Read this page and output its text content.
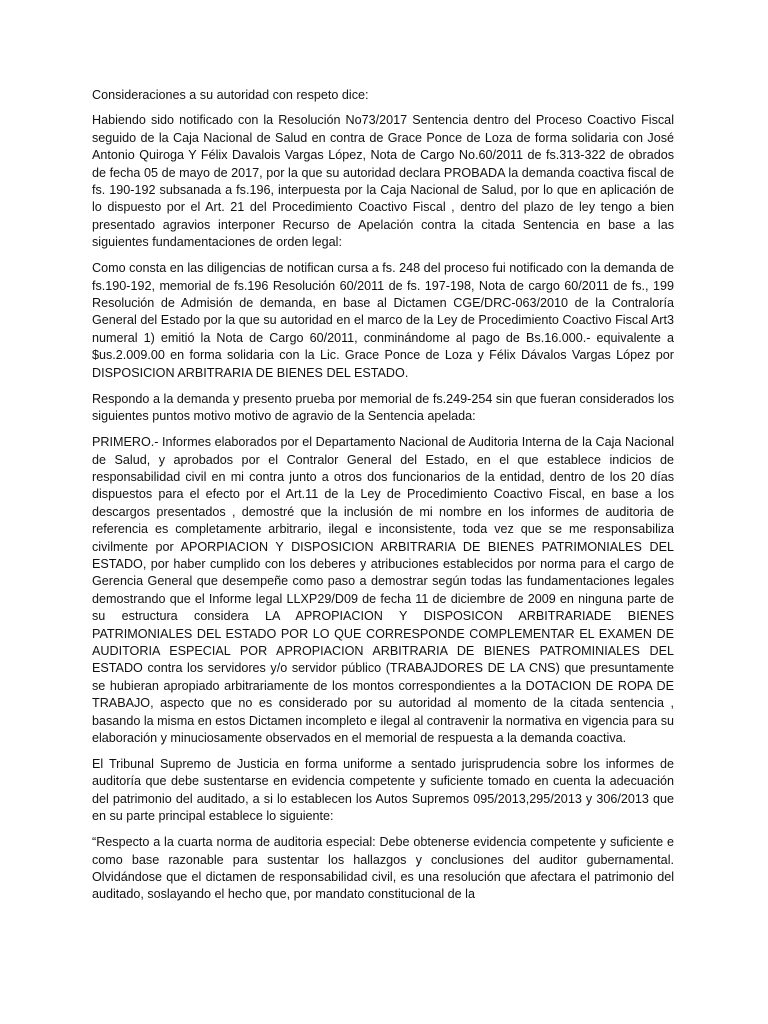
Consideraciones a su autoridad con respeto dice:

Habiendo sido notificado con la Resolución No73/2017 Sentencia dentro del Proceso Coactivo Fiscal seguido de la Caja Nacional de Salud en contra de Grace Ponce de Loza de forma solidaria con José Antonio Quiroga Y Félix Davalois Vargas López, Nota de Cargo No.60/2011 de fs.313-322 de obrados de fecha 05 de mayo de 2017, por la que su autoridad declara PROBADA la demanda coactiva fiscal de fs. 190-192 subsanada a fs.196, interpuesta por la Caja Nacional de Salud, por lo que en aplicación de lo dispuesto por el Art. 21 del Procedimiento Coactivo Fiscal , dentro del plazo de ley tengo a bien presentado agravios interponer Recurso de Apelación contra la citada Sentencia en base a las siguientes fundamentaciones de orden legal:

Como consta en las diligencias de notifican cursa a fs. 248 del proceso fui notificado con la demanda de fs.190-192, memorial de fs.196 Resolución 60/2011 de fs. 197-198, Nota de cargo 60/2011 de fs., 199 Resolución de Admisión de demanda, en base al Dictamen CGE/DRC-063/2010 de la Contraloría General del Estado por la que su autoridad en el marco de la Ley de Procedimiento Coactivo Fiscal Art3 numeral 1) emitió la Nota de Cargo 60/2011, conminándome al pago de Bs.16.000.- equivalente a $us.2.009.00 en forma solidaria con la Lic. Grace Ponce de Loza y Félix Dávalos Vargas López por DISPOSICION ARBITRARIA DE BIENES DEL ESTADO.

Respondo a la demanda y presento prueba por memorial de fs.249-254 sin que fueran considerados los siguientes puntos motivo motivo de agravio de la Sentencia apelada:

PRIMERO.- Informes elaborados por el Departamento Nacional de Auditoria Interna de la Caja Nacional de Salud, y aprobados por el Contralor General del Estado, en el que establece indicios de responsabilidad civil en mi contra junto a otros dos funcionarios de la entidad, dentro de los 20 días dispuestos para el efecto por el Art.11 de la Ley de Procedimiento Coactivo Fiscal, en base a los descargos presentados , demostré que la inclusión de mi nombre en los informes de auditoria de referencia es completamente arbitrario, ilegal e inconsistente, toda vez que se me responsabiliza civilmente por APORPIACION Y DISPOSICION ARBITRARIA DE BIENES PATRIMONIALES DEL ESTADO, por haber cumplido con los deberes y atribuciones establecidos por norma para el cargo de Gerencia General que desempeñe como paso a demostrar según todas las fundamentaciones legales demostrando que el Informe legal LLXP29/D09 de fecha 11 de diciembre de 2009 en ninguna parte de su estructura considera LA APROPIACION Y DISPOSICON ARBITRARIADE BIENES PATRIMONIALES DEL ESTADO POR LO QUE CORRESPONDE COMPLEMENTAR EL EXAMEN DE AUDITORIA ESPECIAL POR APROPIACION ARBITRARIA DE BIENES PATROMINIALES DEL ESTADO contra los servidores y/o servidor público (TRABAJDORES DE LA CNS) que presuntamente se hubieran apropiado arbitrariamente de los montos correspondientes a la DOTACION DE ROPA DE TRABAJO, aspecto que no es considerado por su autoridad al momento de la citada sentencia , basando la misma en estos Dictamen incompleto e ilegal al contravenir la normativa en vigencia para su elaboración y minuciosamente observados en el memorial de respuesta a la demanda coactiva.

El Tribunal Supremo de Justicia en forma uniforme a sentado jurisprudencia sobre los informes de auditoría que debe sustentarse en evidencia competente y suficiente tomado en cuenta la adecuación del patrimonio del auditado, a si lo establecen los Autos Supremos 095/2013,295/2013 y 306/2013 que en su parte principal establece lo siguiente:

“Respecto a la cuarta norma de auditoria especial: Debe obtenerse evidencia competente y suficiente e como base razonable para sustentar los hallazgos y conclusiones del auditor gubernamental. Olvidándose que el dictamen de responsabilidad civil, es una resolución que afectara el patrimonio del auditado, soslayando el hecho que, por mandato constitucional de la
